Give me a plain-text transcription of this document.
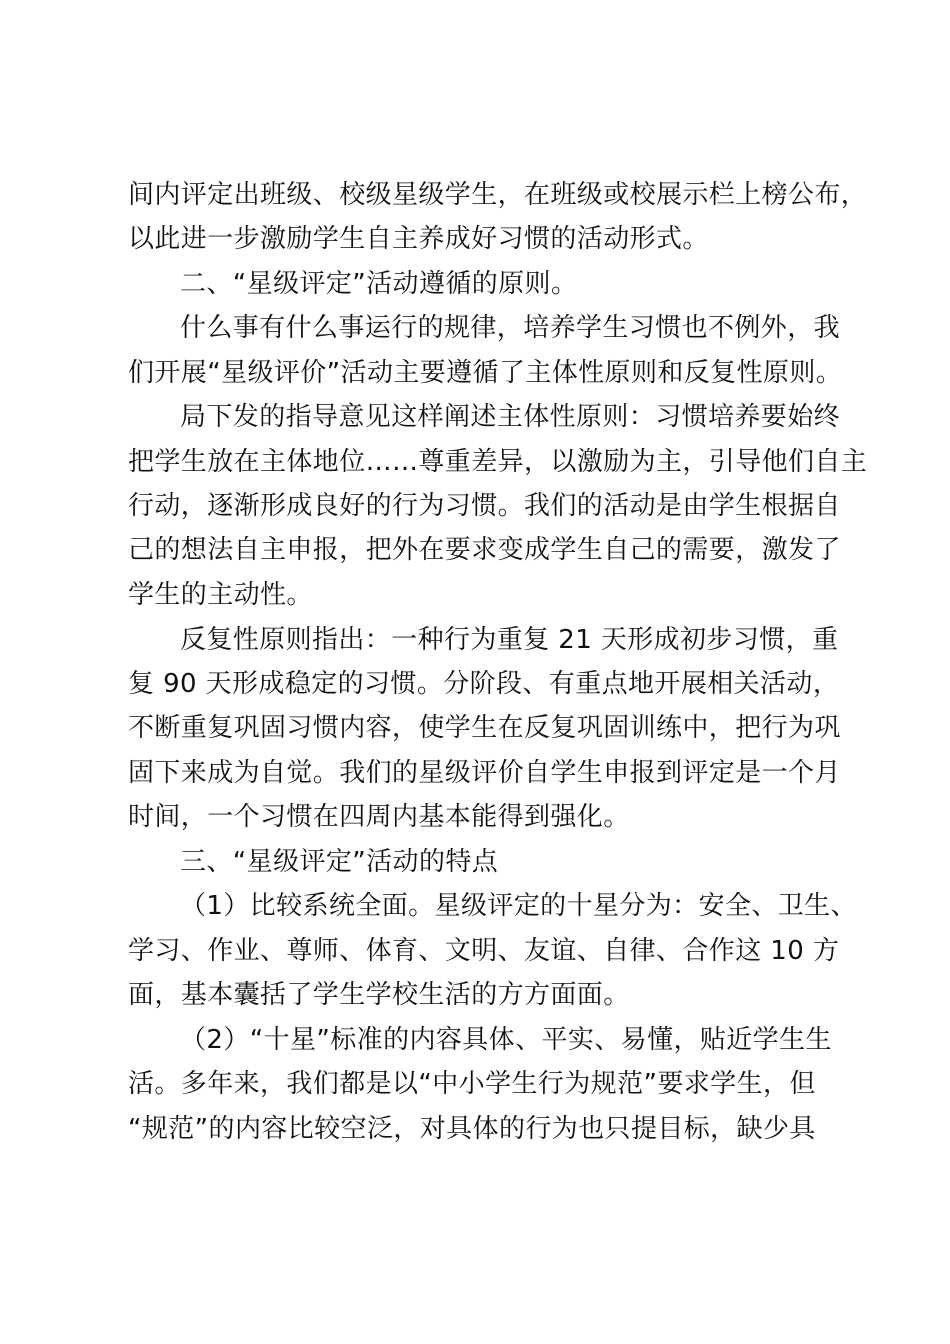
间内评定出班级、校级星级学生，在班级或校展示栏上榜公布，
以此进一步激励学生自主养成好习惯的活动形式。
二、“星级评定”活动遵循的原则。
什么事有什么事运行的规律，培养学生习惯也不例外，我
们开展“星级评价”活动主要遵循了主体性原则和反复性原则。
局下发的指导意见这样阐述主体性原则：习惯培养要始终
把学生放在主体地位……尊重差异，以激励为主，引导他们自主
行动，逐渐形成良好的行为习惯。我们的活动是由学生根据自
己的想法自主申报，把外在要求变成学生自己的需要，激发了
学生的主动性。
反复性原则指出：一种行为重复 21 天形成初步习惯，重
复 90 天形成稳定的习惯。分阶段、有重点地开展相关活动，
不断重复巩固习惯内容，使学生在反复巩固训练中，把行为巩
固下来成为自觉。我们的星级评价自学生申报到评定是一个月
时间，一个习惯在四周内基本能得到强化。
三、“星级评定”活动的特点
（1）比较系统全面。星级评定的十星分为：安全、卫生、
学习、作业、尊师、体育、文明、友谊、自律、合作这 10 方
面，基本囊括了学生学校生活的方方面面。
（2）“十星”标准的内容具体、平实、易懂，贴近学生生
活。多年来，我们都是以“中小学生行为规范”要求学生，但
“规范”的内容比较空泛，对具体的行为也只提目标，缺少具
